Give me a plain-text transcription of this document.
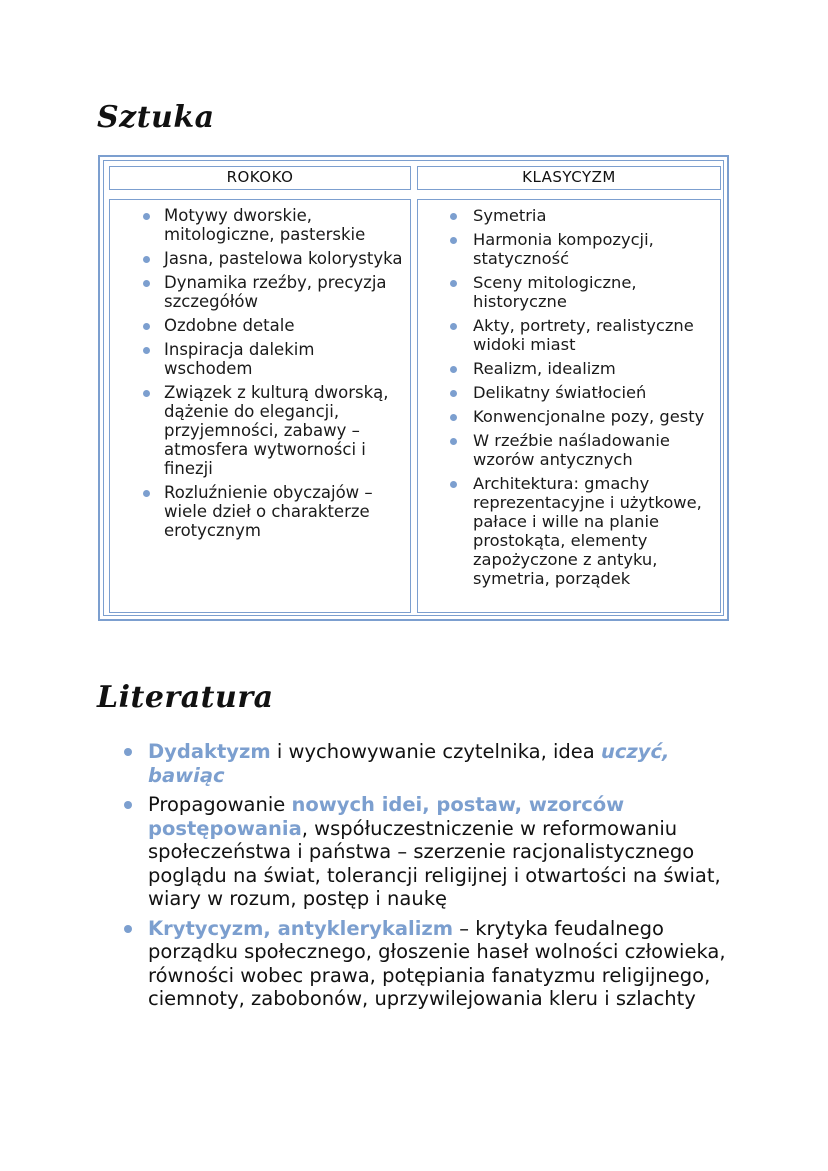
Sztuka
ROKOKO	KLASYCYZM
Motywy dworskie, mitologiczne, pasterskie
Jasna, pastelowa kolorystyka
Dynamika rzeźby, precyzja szczegółów
Ozdobne detale
Inspiracja dalekim wschodem
Związek z kulturą dworską, dążenie do elegancji, przyjemności, zabawy – atmosfera wytworności i finezji
Rozluźnienie obyczajów – wiele dzieł o charakterze erotycznym
Symetria
Harmonia kompozycji, statyczność
Sceny mitologiczne, historyczne
Akty, portrety, realistyczne widoki miast
Realizm, idealizm
Delikatny światłocień
Konwencjonalne pozy, gesty
W rzeźbie naśladowanie wzorów antycznych
Architektura: gmachy reprezentacyjne i użytkowe, pałace i wille na planie prostokąta, elementy zapożyczone z antyku, symetria, porządek
Literatura
Dydaktyzm i wychowywanie czytelnika, idea uczyć, bawiąc
Propagowanie nowych idei, postaw, wzorców postępowania, współuczestniczenie w reformowaniu społeczeństwa i państwa – szerzenie racjonalistycznego poglądu na świat, tolerancji religijnej i otwartości na świat, wiary w rozum, postęp i naukę
Krytycyzm, antyklerykalizm – krytyka feudalnego porządku społecznego, głoszenie haseł wolności człowieka, równości wobec prawa, potępiania fanatyzmu religijnego, ciemnoty, zabobonów, uprzywilejowania kleru i szlachty
